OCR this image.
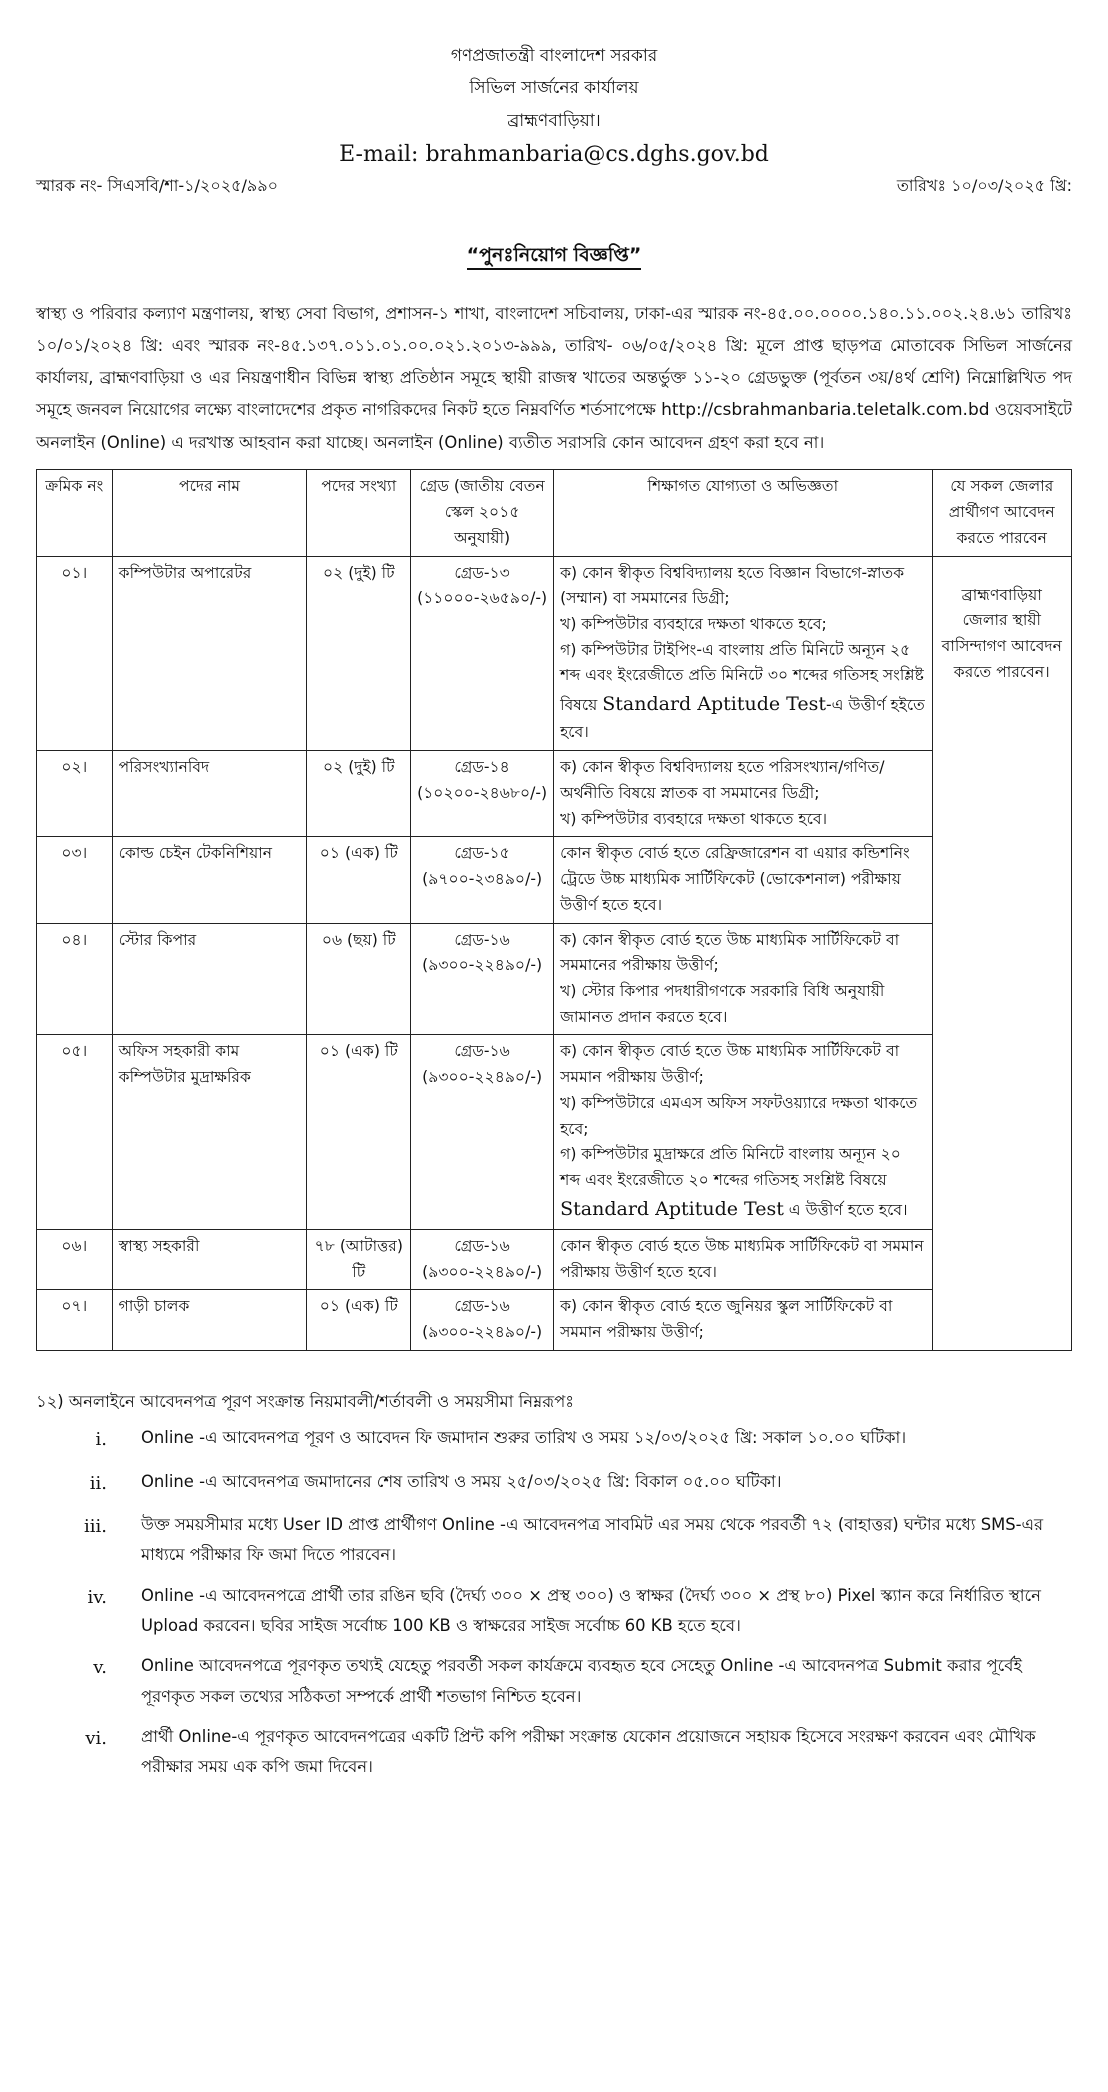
গণপ্রজাতন্ত্রী বাংলাদেশ সরকার
সিভিল সার্জনের কার্যালয়
ব্রাহ্মণবাড়িয়া।
E-mail: brahmanbaria@cs.dghs.gov.bd
স্মারক নং- সিএসবি/শা-১/২০২৫/৯৯০	তারিখঃ ১০/০৩/২০২৫ খ্রি:
“পুনঃনিয়োগ বিজ্ঞপ্তি”

স্বাস্থ্য ও পরিবার কল্যাণ মন্ত্রণালয়, স্বাস্থ্য সেবা বিভাগ, প্রশাসন-১ শাখা, বাংলাদেশ সচিবালয়, ঢাকা-এর স্মারক নং-৪৫.০০.০০০০.১৪০.১১.০০২.২৪.৬১ তারিখঃ ১০/০১/২০২৪ খ্রি: এবং স্মারক নং-৪৫.১৩৭.০১১.০১.০০.০২১.২০১৩-৯৯৯, তারিখ- ০৬/০৫/২০২৪ খ্রি: মূলে প্রাপ্ত ছাড়পত্র মোতাবেক সিভিল সার্জনের কার্যালয়, ব্রাহ্মণবাড়িয়া ও এর নিয়ন্ত্রণাধীন বিভিন্ন স্বাস্থ্য প্রতিষ্ঠান সমূহে স্থায়ী রাজস্ব খাতের অন্তর্ভুক্ত ১১-২০ গ্রেডভুক্ত (পূর্বতন ৩য়/৪র্থ শ্রেণি) নিম্নোল্লিখিত পদ সমূহে জনবল নিয়োগের লক্ষ্যে বাংলাদেশের প্রকৃত নাগরিকদের নিকট হতে নিম্নবর্ণিত শর্তসাপেক্ষে http://csbrahmanbaria.teletalk.com.bd ওয়েবসাইটে অনলাইন (Online) এ দরখাস্ত আহবান করা যাচ্ছে। অনলাইন (Online) ব্যতীত সরাসরি কোন আবেদন গ্রহণ করা হবে না।

ক্রমিক নং	পদের নাম	পদের সংখ্যা	গ্রেড (জাতীয় বেতন স্কেল ২০১৫ অনুযায়ী)	শিক্ষাগত যোগ্যতা ও অভিজ্ঞতা	যে সকল জেলার প্রার্থীগণ আবেদন করতে পারবেন
০১।	কম্পিউটার অপারেটর	০২ (দুই) টি	গ্রেড-১৩ (১১০০০-২৬৫৯০/-)	ক) কোন স্বীকৃত বিশ্ববিদ্যালয় হতে বিজ্ঞান বিভাগে-স্নাতক (সম্মান) বা সমমানের ডিগ্রী;
খ) কম্পিউটার ব্যবহারে দক্ষতা থাকতে হবে;
গ) কম্পিউটার টাইপিং-এ বাংলায় প্রতি মিনিটে অন্যূন ২৫ শব্দ এবং ইংরেজীতে প্রতি মিনিটে ৩০ শব্দের গতিসহ সংশ্লিষ্ট বিষয়ে Standard Aptitude Test-এ উত্তীর্ণ হইতে হবে।	ব্রাহ্মণবাড়িয়া জেলার স্থায়ী বাসিন্দাগণ আবেদন করতে পারবেন।

০২।	পরিসংখ্যানবিদ	০২ (দুই) টি	গ্রেড-১৪ (১০২০০-২৪৬৮০/-)	ক) কোন স্বীকৃত বিশ্ববিদ্যালয় হতে পরিসংখ্যান/গণিত/অর্থনীতি বিষয়ে স্নাতক বা সমমানের ডিগ্রী;
খ) কম্পিউটার ব্যবহারে দক্ষতা থাকতে হবে।	

০৩।	কোল্ড চেইন টেকনিশিয়ান	০১ (এক) টি	গ্রেড-১৫ (৯৭০০-২৩৪৯০/-)	কোন স্বীকৃত বোর্ড হতে রেফ্রিজারেশন বা এয়ার কন্ডিশনিং ট্রেডে উচ্চ মাধ্যমিক সার্টিফিকেট (ভোকেশনাল) পরীক্ষায় উত্তীর্ণ হতে হবে।	

০৪।	স্টোর কিপার	০৬ (ছয়) টি	গ্রেড-১৬ (৯৩০০-২২৪৯০/-)	ক) কোন স্বীকৃত বোর্ড হতে উচ্চ মাধ্যমিক সার্টিফিকেট বা সমমানের পরীক্ষায় উত্তীর্ণ;
খ) স্টোর কিপার পদধারীগণকে সরকারি বিধি অনুযায়ী জামানত প্রদান করতে হবে।	

০৫।	অফিস সহকারী কাম কম্পিউটার মুদ্রাক্ষরিক	০১ (এক) টি	গ্রেড-১৬ (৯৩০০-২২৪৯০/-)	ক) কোন স্বীকৃত বোর্ড হতে উচ্চ মাধ্যমিক সার্টিফিকেট বা সমমান পরীক্ষায় উত্তীর্ণ;
খ) কম্পিউটারে এমএস অফিস সফটওয়্যারে দক্ষতা থাকতে হবে;
গ) কম্পিউটার মুদ্রাক্ষরে প্রতি মিনিটে বাংলায় অন্যূন ২০ শব্দ এবং ইংরেজীতে ২০ শব্দের গতিসহ সংশ্লিষ্ট বিষয়ে Standard Aptitude Test এ উত্তীর্ণ হতে হবে।	

০৬।	স্বাস্থ্য সহকারী	৭৮ (আটাত্তর) টি	গ্রেড-১৬ (৯৩০০-২২৪৯০/-)	কোন স্বীকৃত বোর্ড হতে উচ্চ মাধ্যমিক সার্টিফিকেট বা সমমান পরীক্ষায় উত্তীর্ণ হতে হবে।	

০৭।	গাড়ী চালক	০১ (এক) টি	গ্রেড-১৬ (৯৩০০-২২৪৯০/-)	ক) কোন স্বীকৃত বোর্ড হতে জুনিয়র স্কুল সার্টিফিকেট বা সমমান পরীক্ষায় উত্তীর্ণ;	
১২) অনলাইনে আবেদনপত্র পূরণ সংক্রান্ত নিয়মাবলী/শর্তাবলী ও সময়সীমা নিম্নরূপঃ
i.	Online -এ আবেদনপত্র পূরণ ও আবেদন ফি জমাদান শুরুর তারিখ ও সময় ১২/০৩/২০২৫ খ্রি: সকাল ১০.০০ ঘটিকা।
ii.	Online -এ আবেদনপত্র জমাদানের শেষ তারিখ ও সময় ২৫/০৩/২০২৫ খ্রি: বিকাল ০৫.০০ ঘটিকা।
iii.	উক্ত সময়সীমার মধ্যে User ID প্রাপ্ত প্রার্থীগণ Online -এ আবেদনপত্র সাবমিট এর সময় থেকে পরবর্তী ৭২ (বাহাত্তর) ঘন্টার মধ্যে SMS-এর মাধ্যমে পরীক্ষার ফি জমা দিতে পারবেন।
iv.	Online -এ আবেদনপত্রে প্রার্থী তার রঙিন ছবি (দৈর্ঘ্য ৩০০ × প্রস্থ ৩০০) ও স্বাক্ষর (দৈর্ঘ্য ৩০০ × প্রস্থ ৮০) Pixel স্ক্যান করে নির্ধারিত স্থানে Upload করবেন। ছবির সাইজ সর্বোচ্চ 100 KB ও স্বাক্ষরের সাইজ সর্বোচ্চ 60 KB হতে হবে।
v.	Online আবেদনপত্রে পূরণকৃত তথ্যই যেহেতু পরবর্তী সকল কার্যক্রমে ব্যবহৃত হবে সেহেতু Online -এ আবেদনপত্র Submit করার পূর্বেই পূরণকৃত সকল তথ্যের সঠিকতা সম্পর্কে প্রার্থী শতভাগ নিশ্চিত হবেন।
vi.	প্রার্থী Online-এ পূরণকৃত আবেদনপত্রের একটি প্রিন্ট কপি পরীক্ষা সংক্রান্ত যেকোন প্রয়োজনে সহায়ক হিসেবে সংরক্ষণ করবেন এবং মৌখিক পরীক্ষার সময় এক কপি জমা দিবেন।
